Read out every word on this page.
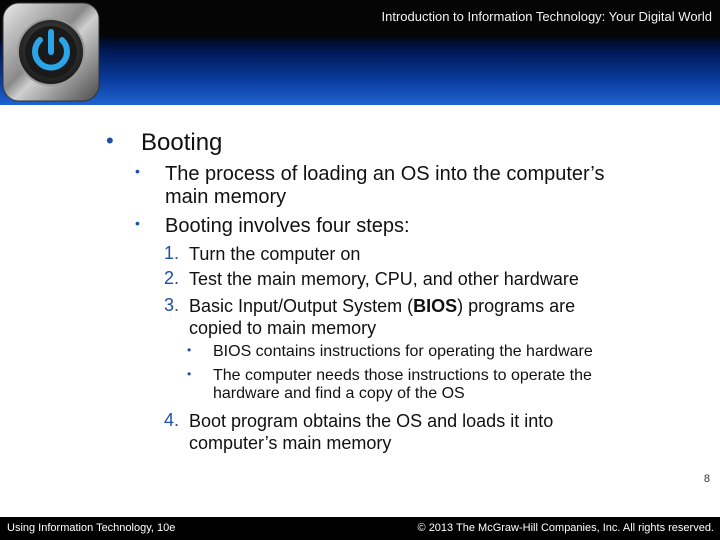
Introduction to Information Technology: Your Digital World
• Booting
• The process of loading an OS into the computer’s
main memory
• Booting involves four steps:
1. Turn the computer on
2. Test the main memory, CPU, and other hardware
3. Basic Input/Output System (BIOS) programs are
copied to main memory
• BIOS contains instructions for operating the hardware
• The computer needs those instructions to operate the
hardware and find a copy of the OS
4. Boot program obtains the OS and loads it into
computer’s main memory
8
Using Information Technology, 10e	© 2013 The McGraw-Hill Companies, Inc. All rights reserved.
